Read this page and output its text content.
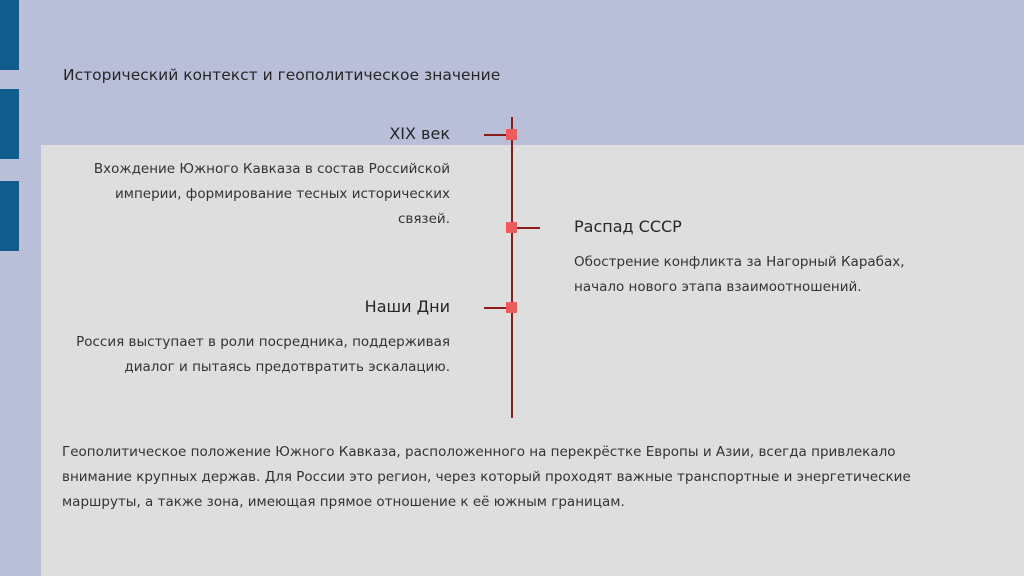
Исторический контекст и геополитическое значение
XIX век
Вхождение Южного Кавказа в состав Российской империи, формирование тесных исторических связей.	Распад СССР
Обострение конфликта за Нагорный Карабах, начало нового этапа взаимоотношений.
Наши Дни
Россия выступает в роли посредника, поддерживая диалог и пытаясь предотвратить эскалацию.
Геополитическое положение Южного Кавказа, расположенного на перекрёстке Европы и Азии, всегда привлекало внимание крупных держав. Для России это регион, через который проходят важные транспортные и энергетические маршруты, а также зона, имеющая прямое отношение к её южным границам.
